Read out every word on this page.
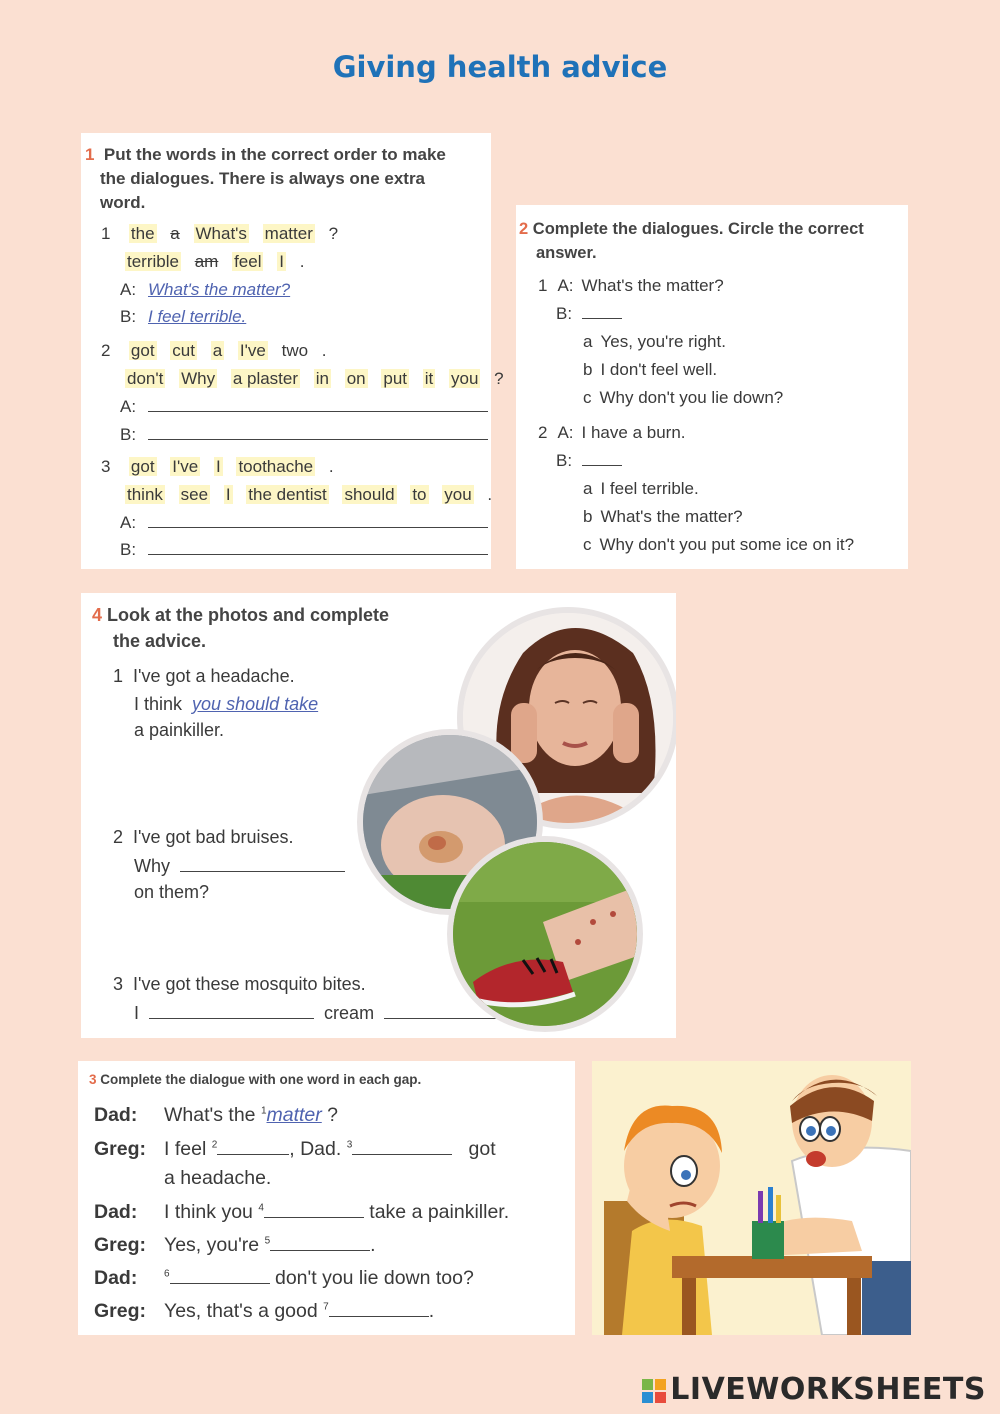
Giving health advice
1 Put the words in the correct order to make
the dialogues. There is always one extra
word.
1 the a What's matter ?
terrible am feel I .
A: What's the matter?
B: I feel terrible.
2 got cut a I've two .
don't Why a plaster in on put it you ?
A:
B:
3 got I've I toothache .
think see I the dentist should to you .
A:
B:
2 Complete the dialogues. Circle the correct
answer.
1 A: What's the matter?
B:
a Yes, you're right.
b I don't feel well.
c Why don't you lie down?
2 A: I have a burn.
B:
a I feel terrible.
b What's the matter?
c Why don't you put some ice on it?
4 Look at the photos and complete
the advice.
1 I've got a headache.
I think you should take
a painkiller.
2 I've got bad bruises.
Why
on them?
3 I've got these mosquito bites.
I	cream
3 Complete the dialogue with one word in each gap.
Dad: What's the $^1$matter ?
Greg: I feel $^2$	, Dad. $^3$	got
a headache.
Dad: I think you $^4$	take a painkiller.
Greg: Yes, you're $^5$	.
Dad:	$^6$	don't you lie down too?
Greg: Yes, that's a good $^7$	.
LIVEWORKSHEETS
